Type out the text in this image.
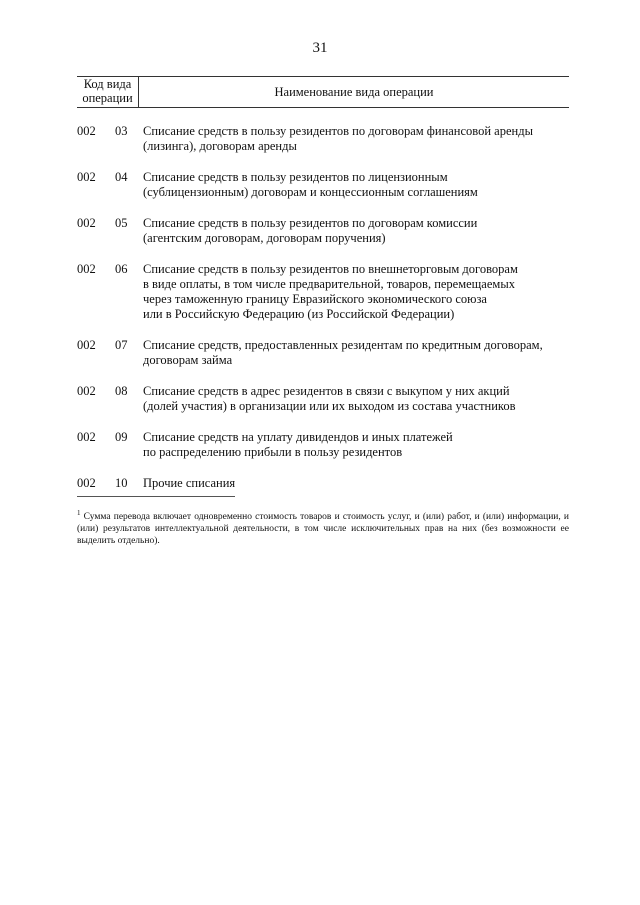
31
Код вида
операции	Наименование вида операции
002 03 Списание средств в пользу резидентов по договорам финансовой аренды
(лизинга), договорам аренды
002 04 Списание средств в пользу резидентов по лицензионным
(сублицензионным) договорам и концессионным соглашениям
002 05 Списание средств в пользу резидентов по договорам комиссии
(агентским договорам, договорам поручения)
002 06 Списание средств в пользу резидентов по внешнеторговым договорам
в виде оплаты, в том числе предварительной, товаров, перемещаемых
через таможенную границу Евразийского экономического союза
или в Российскую Федерацию (из Российской Федерации)
002 07 Списание средств, предоставленных резидентам по кредитным договорам,
договорам займа
002 08 Списание средств в адрес резидентов в связи с выкупом у них акций
(долей участия) в организации или их выходом из состава участников
002 09 Списание средств на уплату дивидендов и иных платежей
по распределению прибыли в пользу резидентов
002 10 Прочие списания
$^1$ Сумма перевода включает одновременно стоимость товаров и стоимость услуг, и (или) работ, и (или) информации, и (или) результатов интеллектуальной деятельности, в том числе исключительных прав на них (без возможности ее выделить отдельно).
